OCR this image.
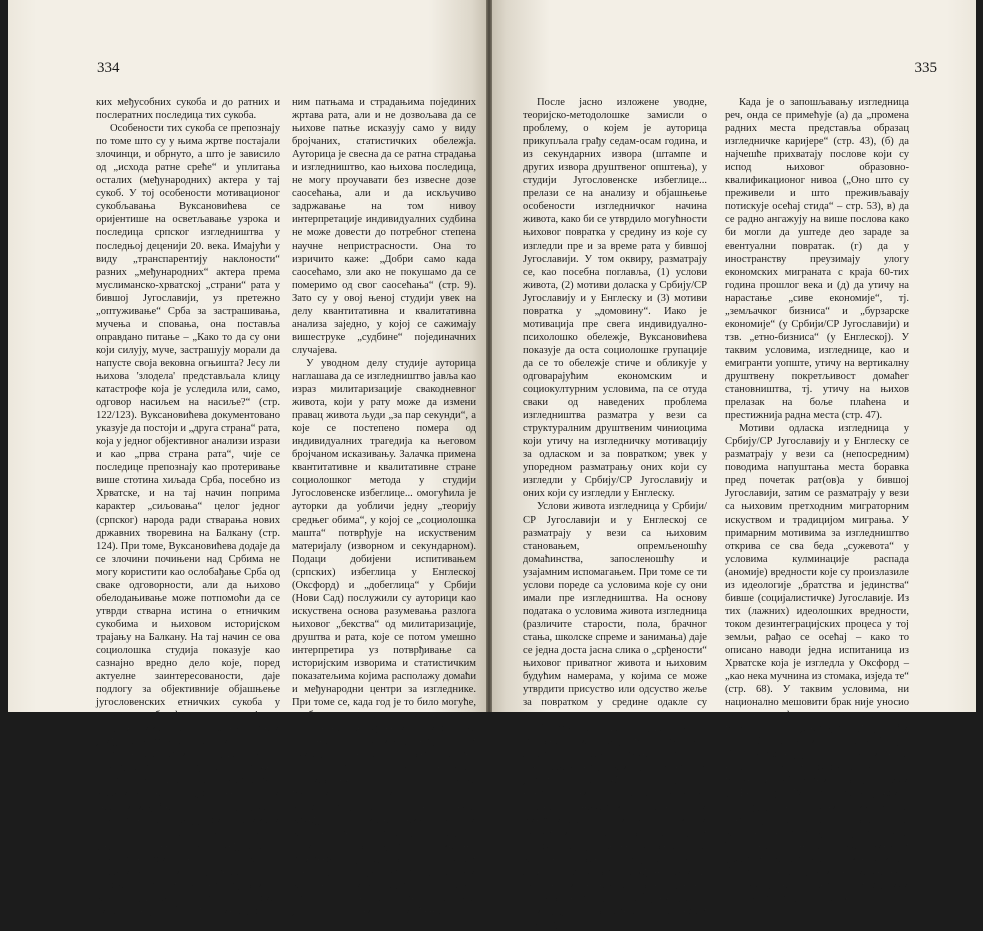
334

ких међусобних сукоба и до ратних и послератних последица тих сукоба.

Особености тих сукоба се препознају по томе што су у њима жртве постајали злочинци, и обрнуто, а што је зависило од „исхода ратне среће“ и уплитања осталих (међународних) актера у тај сукоб. У тој особености мотивационог сукобљавања Вуксановићева се оријентише на осветљавање узрока и последица српског изгледништва у последњој деценији 20. века. Имајући у виду „транспарентију наклоности“ разних „међународних“ актера према муслиманско-хрватској „страни“ рата у бившој Југославији, уз претежно „оптуживање“ Срба за застрашивања, мучења и сповања, она поставља оправдано питање – „Како то да су они који силују, муче, застрашују морали да напусте своја вековна огњишта? Јесу ли њихова 'злодела' представљала клицу катастрофе која је уследила или, само, одговор насиљем на насиље?“ (стр. 122/123). Вуксановићева документовано указује да постоји и „друга страна“ рата, која у једног објективног анализи изрази и као „прва страна рата“, чије се последице препознају као протеривање више стотина хиљада Срба, посебно из Хрватске, и на тај начин поприма карактер „сиљовања“ целог једног (српског) народа ради стварања нових државних творевина на Балкану (стр. 124). При томе, Вуксановићева додаје да се злочини почињени над Србима не могу користити као ослобађање Срба од свакe одговорности, али да њихово обелодањивање може потпомоћи да се утврди стварна истина о етничким сукобима и њиховом историјском трајању на Балкану. На тај начин се ова социолошка студија показује као сазнајно вредно дело које, поред актуелне заинтересованости, даје подлогу за објективније објашњење југословенских етничких сукоба у неким будућим историјским проучавањима (када њихови актери „сиђу“ са историјске позорнице).

Као врстан социолог, Вуксановићева приступа изгледништву као друштвеној појави у којој се испреплићу индивидуалне „судбине“ и дестабилизујуће структуралне друштвене последице, али која има и своје историјске и актуелне унутардруштвене и међународне друштвенополитичке узроке. Индивидуална и друштвена раван анализе проблема у овој студији се излаже сукцесивно, тако да та анализа читаоца не „заробљава“ индивидуал-

ним патњама и страдањима појединих жртава рата, али и не дозвољава да се њихове патње исказују само у виду бројчаних, статистичких обележја. Ауторица је свесна да се ратна страдања и изгледништво, као њихова последица, не могу проучавати без извесне дозе саосећања, али и да искључиво задржавање на том нивоу интерпретације индивидуалних судбина не може довести до потребног степена научне непристрасности. Она то изричито каже: „Добри само када саосећамо, зли ако не покушамо да се померимо од свог саосећања“ (стр. 9). Зато су у овој њеној студији увек на делу квантитативна и квалитативна анализа заједно, у којој се сажимају вишеструке „судбине“ појединачних случајева.

У уводном делу студије ауторица наглашава да се изгледништво јавља као израз милитаризације свакодневног живота, који у рату може да измени правац живота људи „за пар секунди“, а које се постепено помера од индивидуалних трагедија ка његовом бројчаном исказивању. Залачка примена квантитативне и квалитативне стране социолошког метода у студији Југословенске избеглице... омогућила је ауторки да уобличи једну „теорију средњег обима“, у којој се „социолошка машта“ потврђује на искуственим материјалу (изворном и секундарном). Подаци добијени испитивањем (српских) избеглица у Енглеској (Оксфорд) и „добеглица“ у Србији (Нови Сад) послужили су ауторици као искуствена основа разумевања разлога њиховог „бекства“ од милитаризације, друштва и рата, које се потом умешно интерпретира уз потврђивање са историјским изворима и статистичким показатељима којима располажу домаћи и међународни центри за изгледнике. При томе се, када год је то било могуће, проблем српског изгледништва објашњава у светлу неких социолошких сазнања о емиграцији у свету. У том смислу, посебно је интересантно социолошко појмовно-теоријско прецизирање односа спољних миграција и радника на раду у иностранству, као одређивања граница између „економске“ емиграције и изгледништва. Иако се у оба случаја ради о територијалном померању становништва, ауторица с правом констатује да „у бившој Југославији изгледнице нису резултат, већ узрок рата“ и додаје да су оне последица „отвореног етничког чишћења“ (стр. 21).

335

После јасно изложене уводне, теоријско-методолошке замисли о проблему, о којем је ауторица прикупљала грађу седам-осам година, и из секундарних извора (штампе и других извора друштвеног општења), у студији Југословенске избеглице... прелази се на анализу и објашњење особености изгледничког начина живота, како би се утврдило могућности њиховог повратка у средину из које су изгледли пре и за време рата у бившој Југославији. У том оквиру, разматрају се, као посебна поглавља, (1) услови живота, (2) мотиви доласка у Србију/СР Југославију и у Енглеску и (3) мотиви повратка у „домовину“. Иако је мотивација пре свега индивидуално-психолошко обележје, Вуксановићева показује да оста социолошке групације да се то обележје стиче и обликује у одговарајућим економским и социокултурним условима, па се отуда сваки од наведених проблема изгледништва разматра у вези са структуралним друштвеним чиниоцима који утичу на изгледничку мотивацију за одласком и за повратком; увек у упоредном разматрању оних који су изгледли у Србију/СР Југославију и оних који су изгледли у Енглеску.

Услови живота изгледница у Србији/СР Југославији и у Енглеској се разматрају у вези са њиховим становањем, опремљеношћу домаћинства, запосленошћу и узајамним испомагањем. При томе се ти услови пореде са условима које су они имали пре изгледништва. На основу података о условима живота изгледница (различите старости, пола, брачног стања, школске спреме и занимања) даје се једна доста јасна слика о „срђености“ њиховог приватног живота и њиховим будућим намерама, у којима се може утврдити присуство или одсуство жеље за повратком у средине одакле су изгледли.

У том контексту, Вуксановићева открива да изгледице (мигранти) нису задовољни само тиме што су обезбедили своју физичку сигурност од „страхота рата“, већ да очекују да у новој средини добију посао који би био адекватан њиховом образовању и животни стандард приближан оном који су имали пре изгледништва. Другим речима, иако је основни мотив одласка изгледница изван подручја који је захватио ратом био обезбеђење физичке сигурности (своје и породичне), у новој средини се очекује обезбеђење услова који су „достојни човека“ у грађанском друштву.

Када је о запошљавању изгледница реч, онда се примећује (а) да „промена радних места представља образац изгледничке каријере“ (стр. 43), (б) да најчешће прихватају послове који су испод њиховог образовно-квалификационог нивоа („Оно што су преживели и што преживљавају потискује осећај стида“ – стр. 53), в) да се радно ангажују на више послова како би могли да уштеде део зараде за евентуални повратак. (г) да у иностранству преузимају улогу економских миграната с краја 60-тих година прошлог века и (д) да утичу на нарастање „сиве економије“, тј. „земљачког бизниса“ и „бурзарске економије“ (у Србији/СР Југославији) и тзв. „етно-бизниса“ (у Енглеској). У таквим условима, изгледнице, као и емигранти уопште, утичу на вертикалну друштвену покретљивост домаћег становништва, тј. утичу на њихов прелазак на боље плаћена и престижнија радна места (стр. 47).

Мотиви одласка изгледница у Србију/СР Југославију и у Енглеску се разматрају у вези са (непосредним) поводима напуштања места боравка пред почетак рат(ов)а у бившој Југославији, затим се разматрају у вези са њиховим претходним миграторним искуством и традицијом миграња. У примарним мотивима за изгледништво открива се сва беда „сужевота“ у условима кулминације распада (аномије) вредности које су произлазиле из идеологије „братства и јединства“ бивше (социјалистичке) Југославије. Из тих (лажних) идеолошких вредности, током дезинтеграцијских процеса у тој земљи, рађао се осећај – како то описано наводи једна испитаница из Хрватске која је изгледла у Оксфорд – „као нека мучнина из стомака, изједа те“ (стр. 68). У таквим условима, ни национално мешовити брак није уносио сигурност, већ се често испољавао као мржња према „непријатељу“ у кући (стр. 69). Као мотив одласка у Србију/СР Југославију, 67,5% испитаника наводи да су тамо имали родбину, а тај мотив наводи 20% оних који су изгледли у Енглеску. Ти показатељи увелико потврђују нека ранија миграторна кретања, која се одвијале на изгледничке стратегије, а која указују да ће се на трагање за прихватљивијим условима живота и за променом места боравка пре одлучити оне изгледнице које имају некога „свога“ у месту (или ширем подручју) где одлазе.
